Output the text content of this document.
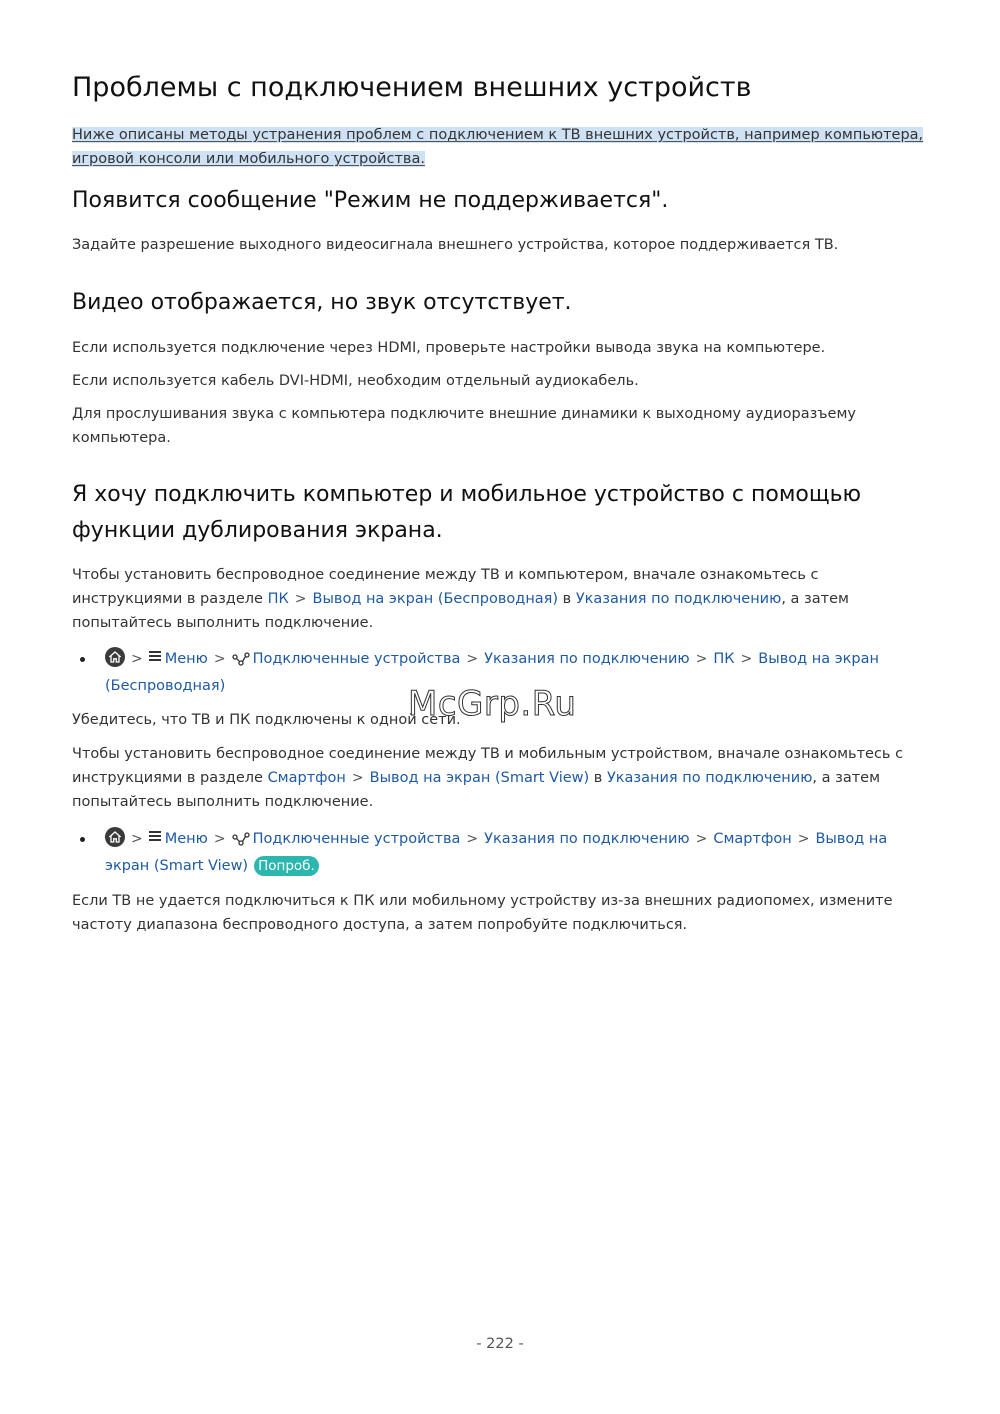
Проблемы с подключением внешних устройств

Ниже описаны методы устранения проблем с подключением к ТВ внешних устройств, например компьютера, игровой консоли или мобильного устройства.

Появится сообщение "Режим не поддерживается".

Задайте разрешение выходного видеосигнала внешнего устройства, которое поддерживается ТВ.

Видео отображается, но звук отсутствует.

Если используется подключение через HDMI, проверьте настройки вывода звука на компьютере.

Если используется кабель DVI-HDMI, необходим отдельный аудиокабель.

Для прослушивания звука с компьютера подключите внешние динамики к выходному аудиоразъему компьютера.

Я хочу подключить компьютер и мобильное устройство с помощью
функции дублирования экрана.

Чтобы установить беспроводное соединение между ТВ и компьютером, вначале ознакомьтесь с инструкциями в разделе ПК > Вывод на экран (Беспроводная) в Указания по подключению, а затем попытайтесь выполнить подключение.

> Меню > Подключенные устройства > Указания по подключению > ПК > Вывод на экран (Беспроводная)

Убедитесь, что ТВ и ПК подключены к одной сети.

Чтобы установить беспроводное соединение между ТВ и мобильным устройством, вначале ознакомьтесь с инструкциями в разделе Смартфон > Вывод на экран (Smart View) в Указания по подключению, а затем попытайтесь выполнить подключение.

> Меню > Подключенные устройства > Указания по подключению > Смартфон > Вывод на экран (Smart View) Попроб.

Если ТВ не удается подключиться к ПК или мобильному устройству из-за внешних радиопомех, измените частоту диапазона беспроводного доступа, а затем попробуйте подключиться.

McGrp.Ru
- 222 -
